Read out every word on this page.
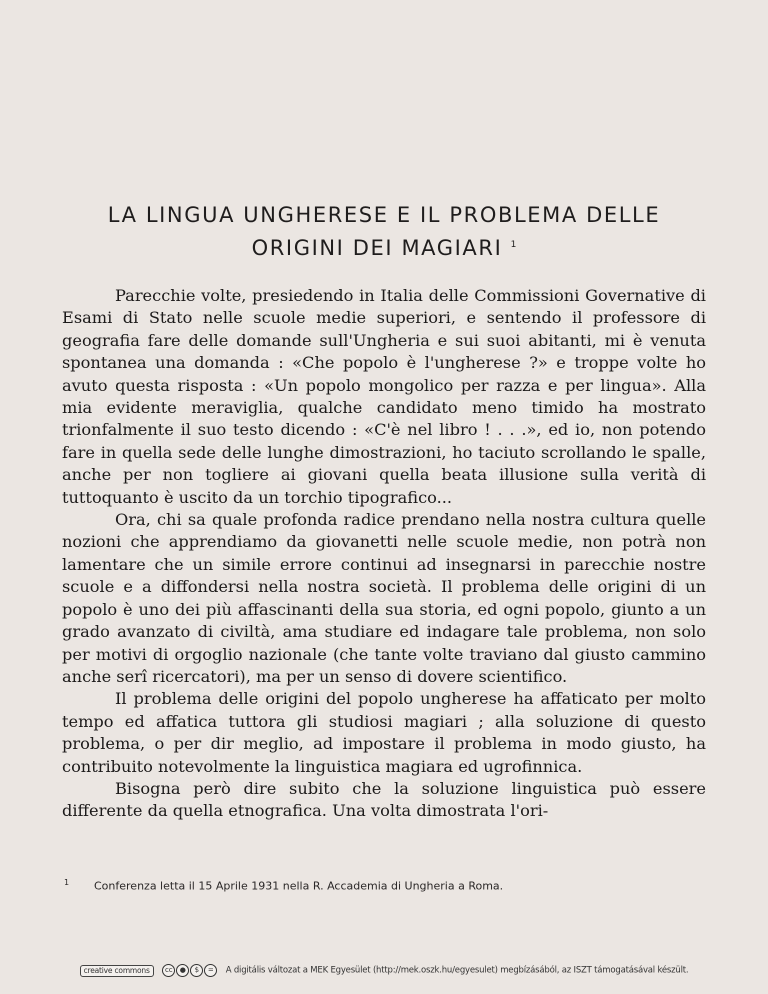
LA LINGUA UNGHERESE E IL PROBLEMA DELLE
ORIGINI DEI MAGIARI $^1$

Parecchie volte, presiedendo in Italia delle Commissioni Governative di Esami di Stato nelle scuole medie superiori, e sentendo il professore di geografia fare delle domande sull'Ungheria e sui suoi abitanti, mi è venuta spontanea una domanda : «Che popolo è l'ungherese ?» e troppe volte ho avuto questa risposta : «Un popolo mongolico per razza e per lingua». Alla mia evidente meraviglia, qualche candidato meno timido ha mostrato trionfalmente il suo testo dicendo : «C'è nel libro ! . . .», ed io, non potendo fare in quella sede delle lunghe dimostrazioni, ho taciuto scrollando le spalle, anche per non togliere ai giovani quella beata illusione sulla verità di tuttoquanto è uscito da un torchio tipografico...

Ora, chi sa quale profonda radice prendano nella nostra cultura quelle nozioni che apprendiamo da giovanetti nelle scuole medie, non potrà non lamentare che un simile errore continui ad insegnarsi in parecchie nostre scuole e a diffondersi nella nostra società. Il problema delle origini di un popolo è uno dei più affascinanti della sua storia, ed ogni popolo, giunto a un grado avanzato di civiltà, ama studiare ed indagare tale problema, non solo per motivi di orgoglio nazionale (che tante volte traviano dal giusto cammino anche serî ricercatori), ma per un senso di dovere scientifico.

Il problema delle origini del popolo ungherese ha affaticato per molto tempo ed affatica tuttora gli studiosi magiari ; alla soluzione di questo problema, o per dir meglio, ad impostare il problema in modo giusto, ha contribuito notevolmente la linguistica magiara ed ugrofinnica.

Bisogna però dire subito che la soluzione linguistica può essere differente da quella etnografica. Una volta dimostrata l'ori-

1 Conferenza letta il 15 Aprile 1931 nella R. Accademia di Ungheria a Roma.
creative commons cc ● $ = A digitális változat a MEK Egyesület (http://mek.oszk.hu/egyesulet) megbízásából, az ISZT támogatásával készült.
